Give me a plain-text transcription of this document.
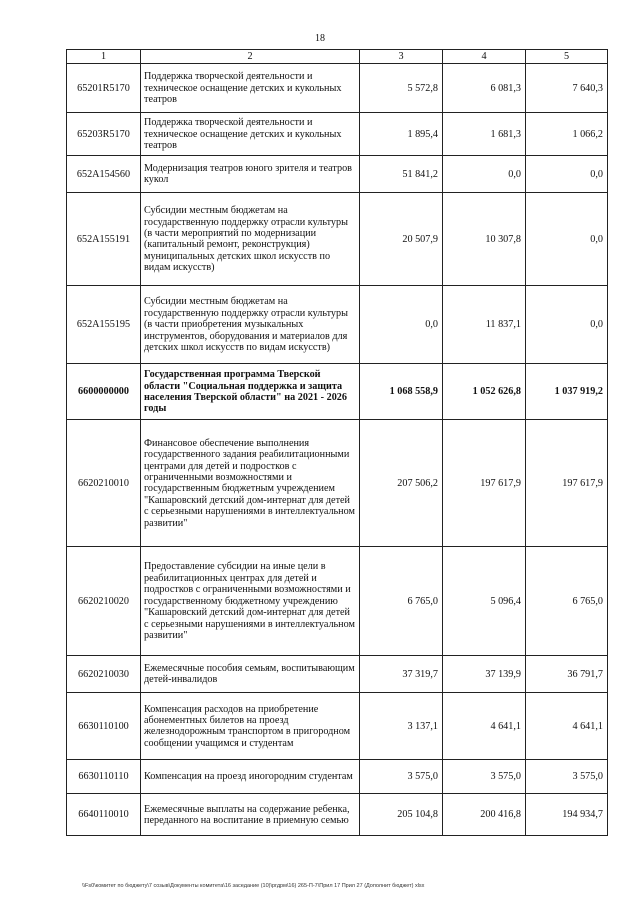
18
1	2	3	4	5
65201R5170	Поддержка творческой деятельности и техническое оснащение детских и кукольных театров	5 572,8	6 081,3	7 640,3
65203R5170	Поддержка творческой деятельности и техническое оснащение детских и кукольных театров	1 895,4	1 681,3	1 066,2
652A154560	Модернизация театров юного зрителя и театров кукол	51 841,2	0,0	0,0
652A155191	Субсидии местным бюджетам на государственную поддержку отрасли культуры (в части мероприятий по модернизации (капитальный ремонт, реконструкция) муниципальных детских школ искусств по видам искусств)	20 507,9	10 307,8	0,0
652A155195	Субсидии местным бюджетам на государственную поддержку отрасли культуры (в части приобретения музыкальных инструментов, оборудования и материалов для детских школ искусств по видам искусств)	0,0	11 837,1	0,0
6600000000	Государственная программа Тверской области "Социальная поддержка и защита населения Тверской области" на 2021 - 2026 годы	1 068 558,9	1 052 626,8	1 037 919,2
6620210010	Финансовое обеспечение выполнения государственного задания реабилитационными центрами для детей и подростков с ограниченными возможностями и государственным бюджетным учреждением "Кашаровский детский дом-интернат для детей с серьезными нарушениями в интеллектуальном развитии"	207 506,2	197 617,9	197 617,9
6620210020	Предоставление субсидии на иные цели в реабилитационных центрах для детей и подростков с ограниченными возможностями и государственному бюджетному учреждению "Кашаровский детский дом-интернат для детей с серьезными нарушениями в интеллектуальном развитии"	6 765,0	5 096,4	6 765,0
6620210030	Ежемесячные пособия семьям, воспитывающим детей-инвалидов	37 319,7	37 139,9	36 791,7
6630110100	Компенсация расходов на приобретение абонементных билетов на проезд железнодорожным транспортом в пригородном сообщении учащимся и студентам	3 137,1	4 641,1	4 641,1
6630110110	Компенсация на проезд иногородним студентам	3 575,0	3 575,0	3 575,0
6640110010	Ежемесячные выплаты на содержание ребенка, переданного на воспитание в приемную семью	205 104,8	200 416,8	194 934,7
\\Fs0\комитет по бюджету\7 созыв\Документы комитета\16 заседание (10)\ргдрм\16) 265-П-7\Прил 17 Прил 27 (Дополнит бюджет) xlsx
